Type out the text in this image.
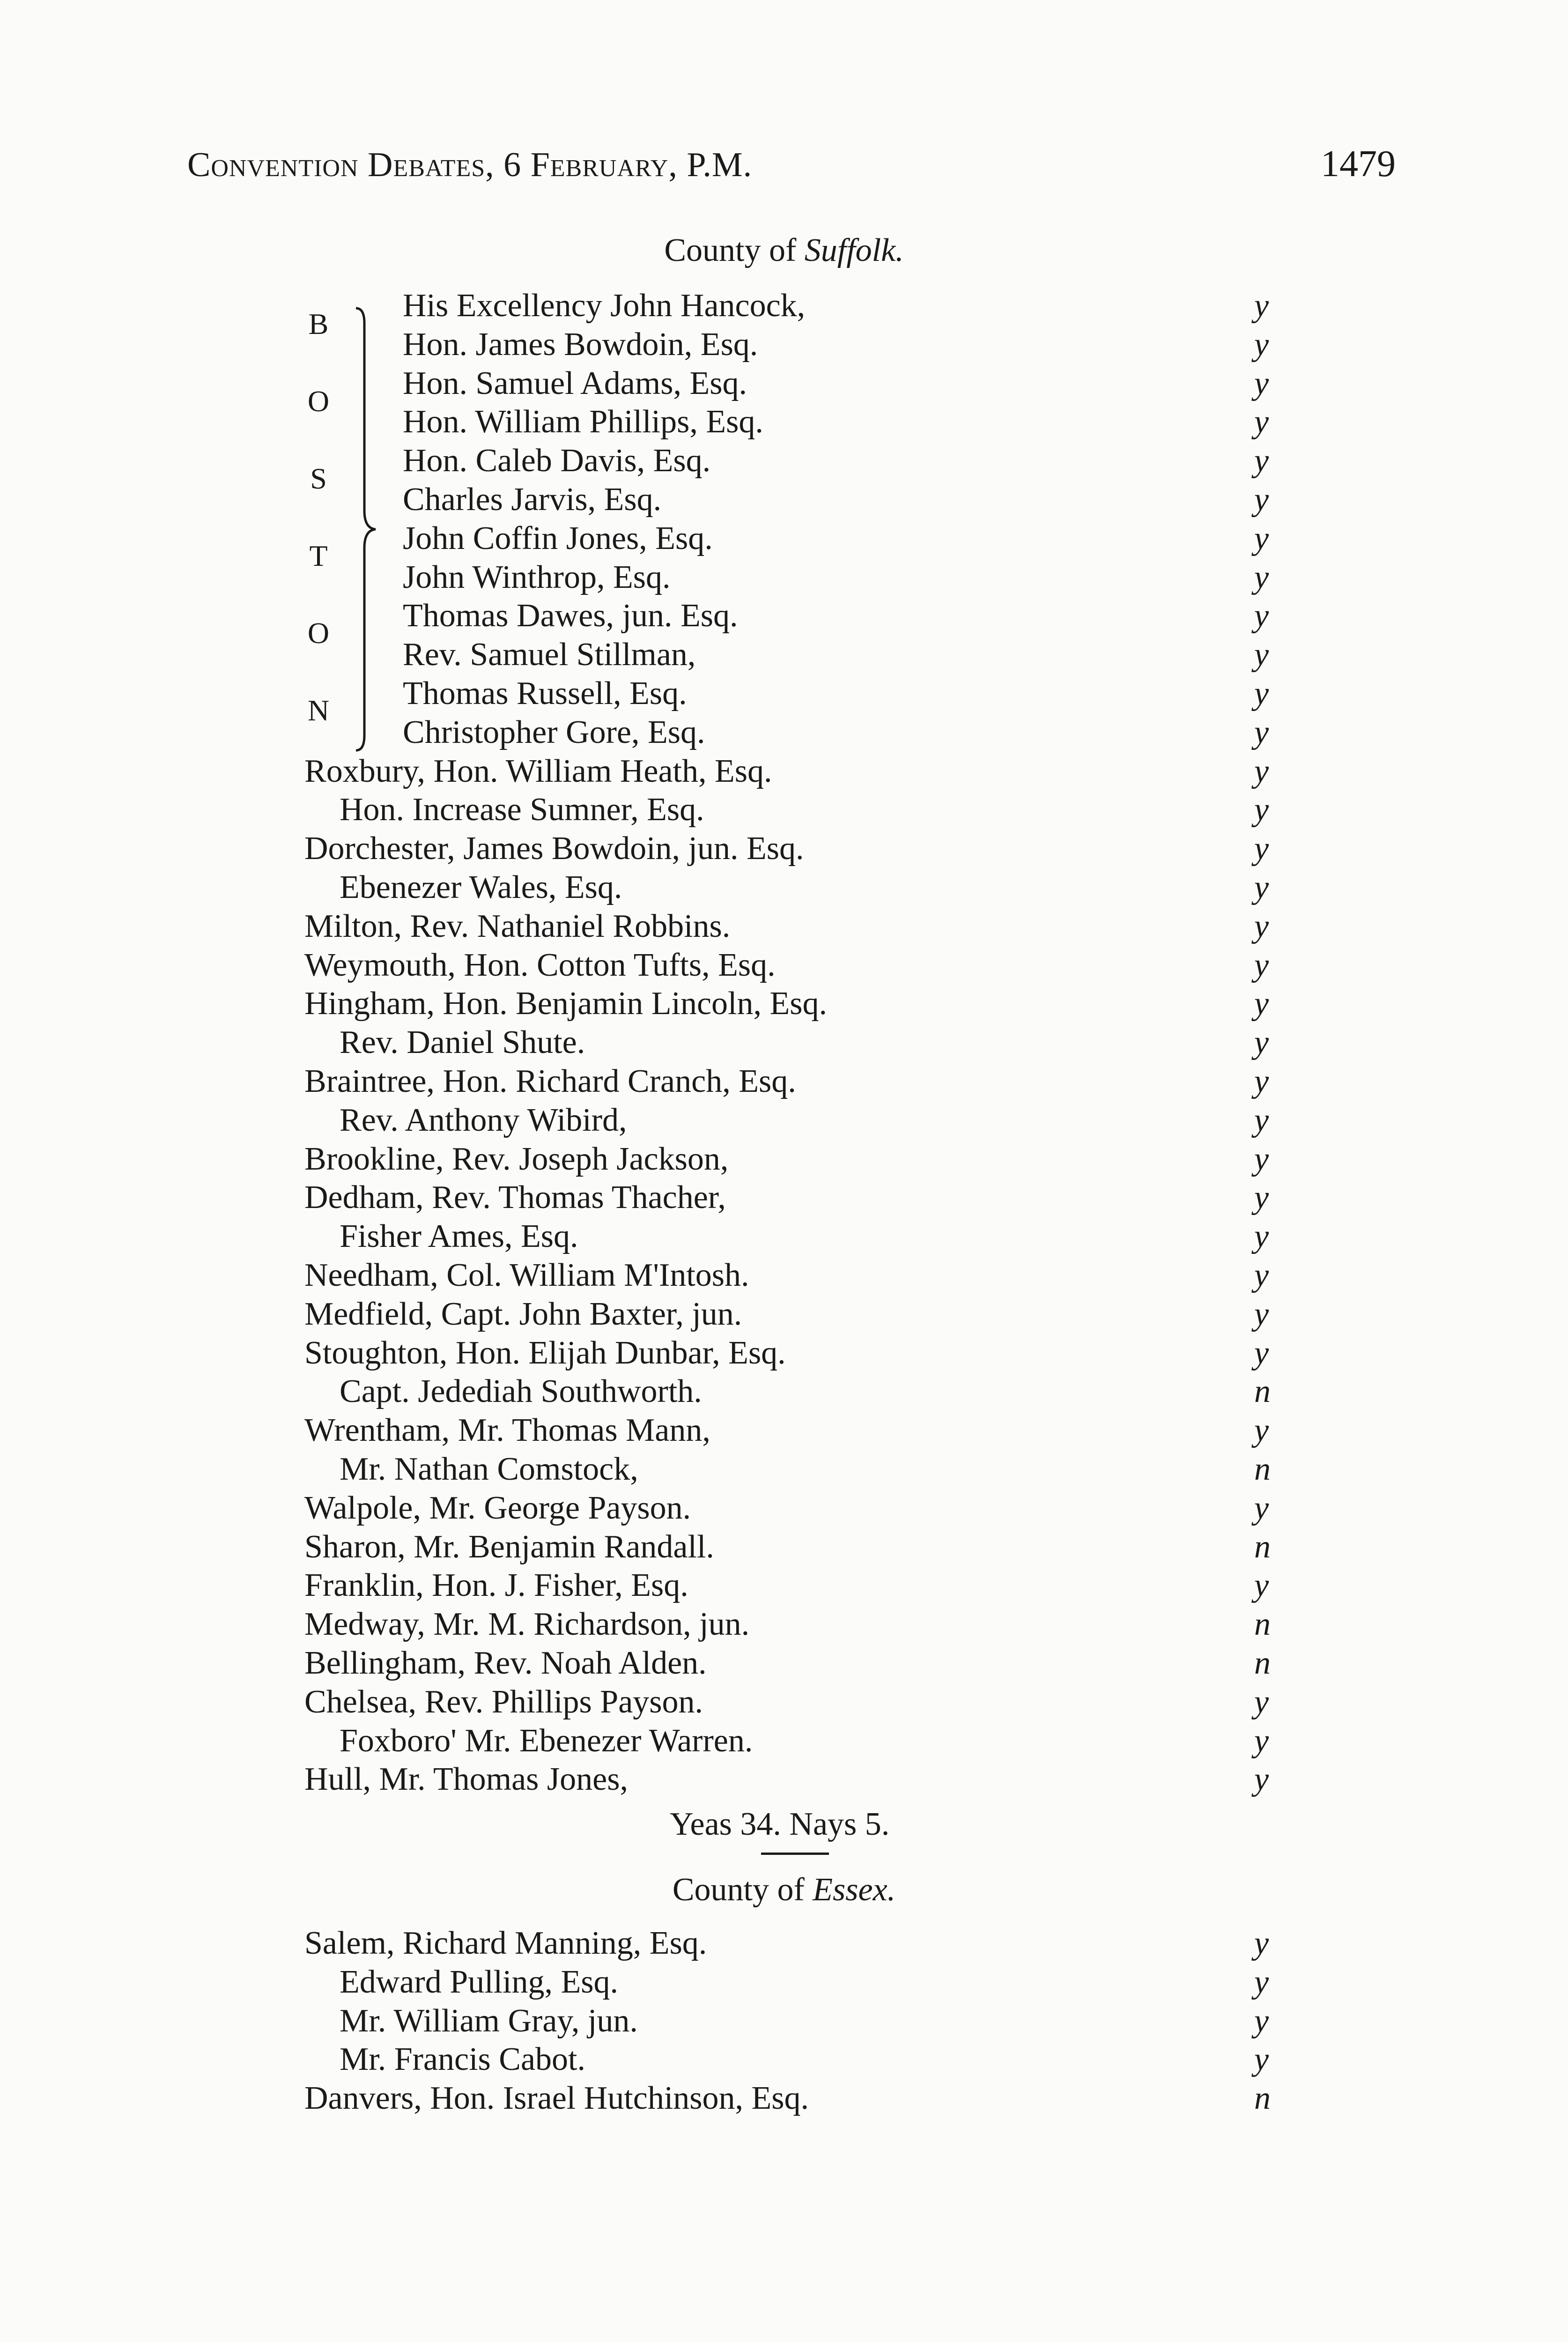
Convention Debates, 6 February, P.M.	1479
County of Suffolk.
B
O
S
T
O
N
His Excellency John Hancock,	y
Hon. James Bowdoin, Esq.	y
Hon. Samuel Adams, Esq.	y
Hon. William Phillips, Esq.	y
Hon. Caleb Davis, Esq.	y
Charles Jarvis, Esq.	y
John Coffin Jones, Esq.	y
John Winthrop, Esq.	y
Thomas Dawes, jun. Esq.	y
Rev. Samuel Stillman,	y
Thomas Russell, Esq.	y
Christopher Gore, Esq.	y
Roxbury, Hon. William Heath, Esq.	y
Hon. Increase Sumner, Esq.	y
Dorchester, James Bowdoin, jun. Esq.	y
Ebenezer Wales, Esq.	y
Milton, Rev. Nathaniel Robbins.	y
Weymouth, Hon. Cotton Tufts, Esq.	y
Hingham, Hon. Benjamin Lincoln, Esq.	y
Rev. Daniel Shute.	y
Braintree, Hon. Richard Cranch, Esq.	y
Rev. Anthony Wibird,	y
Brookline, Rev. Joseph Jackson,	y
Dedham, Rev. Thomas Thacher,	y
Fisher Ames, Esq.	y
Needham, Col. William M'Intosh.	y
Medfield, Capt. John Baxter, jun.	y
Stoughton, Hon. Elijah Dunbar, Esq.	y
Capt. Jedediah Southworth.	n
Wrentham, Mr. Thomas Mann,	y
Mr. Nathan Comstock,	n
Walpole, Mr. George Payson.	y
Sharon, Mr. Benjamin Randall.	n
Franklin, Hon. J. Fisher, Esq.	y
Medway, Mr. M. Richardson, jun.	n
Bellingham, Rev. Noah Alden.	n
Chelsea, Rev. Phillips Payson.	y
Foxboro' Mr. Ebenezer Warren.	y
Hull, Mr. Thomas Jones,	y
Salem, Richard Manning, Esq.	y
Edward Pulling, Esq.	y
Mr. William Gray, jun.	y
Mr. Francis Cabot.	y
Danvers, Hon. Israel Hutchinson, Esq.	n
Yeas 34. Nays 5.
County of Essex.
